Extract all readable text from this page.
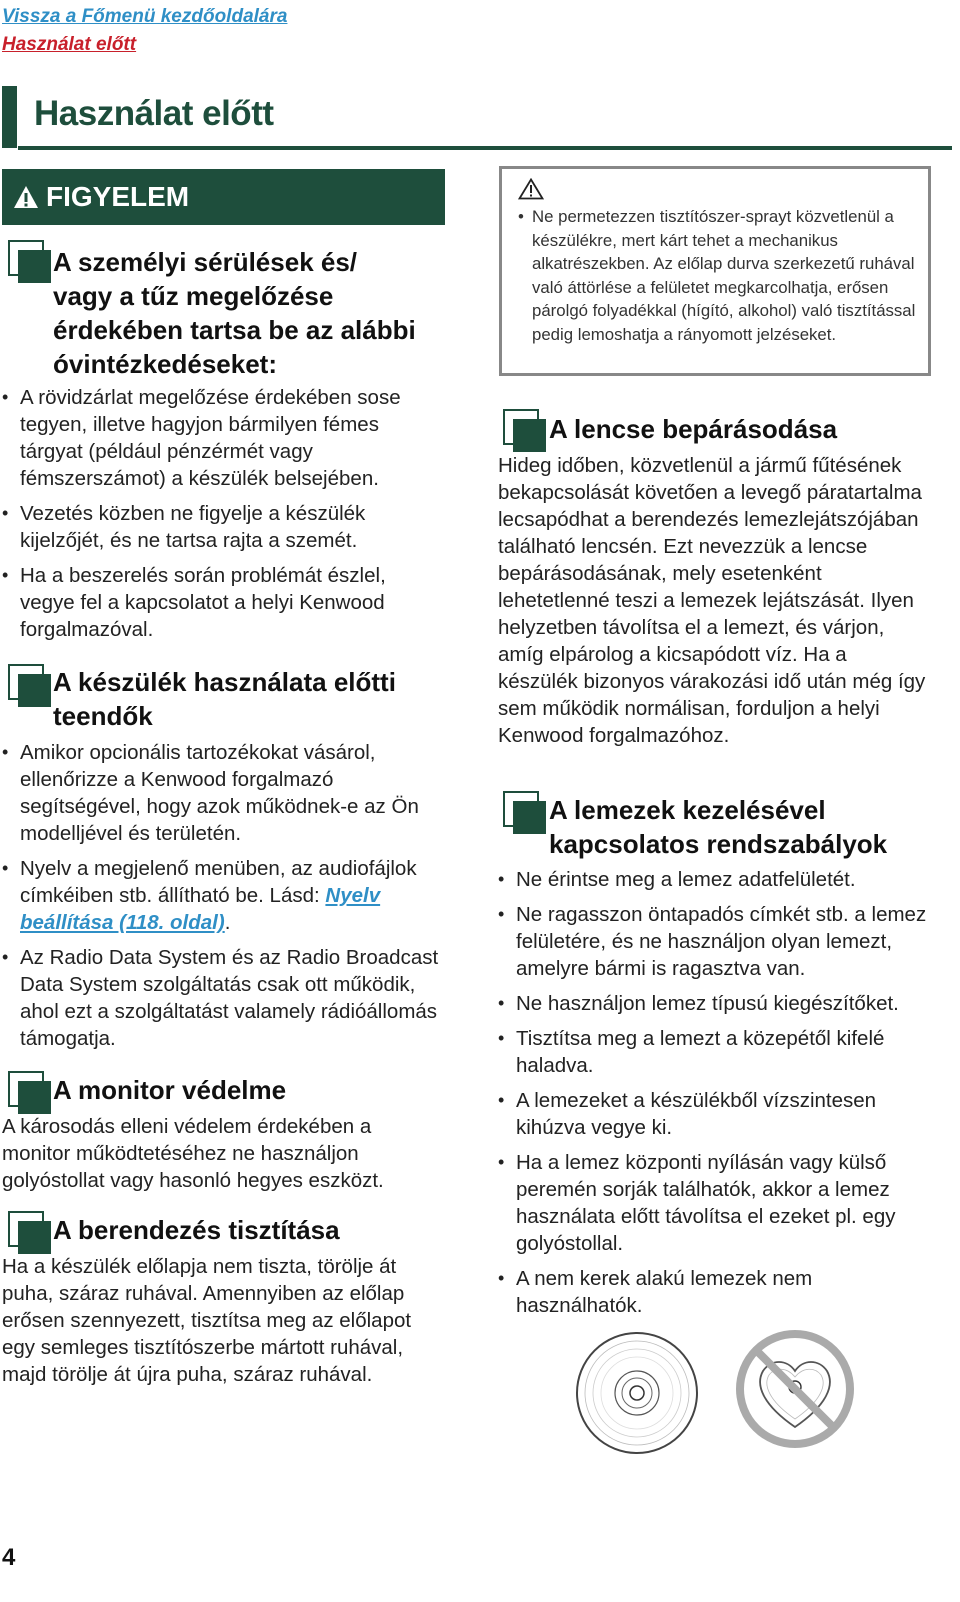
Vissza a Főmenü kezdőoldalára
Használat előtt
Használat előtt
FIGYELEM
A személyi sérülések és/
vagy a tűz megelőzése
érdekében tartsa be az alábbi
óvintézkedéseket:
• A rövidzárlat megelőzése érdekében sose tegyen, illetve hagyjon bármilyen fémes tárgyat (például pénzérmét vagy fémszerszámot) a készülék belsejében.
• Vezetés közben ne figyelje a készülék kijelzőjét, és ne tartsa rajta a szemét.
• Ha a beszerelés során problémát észlel, vegye fel a kapcsolatot a helyi Kenwood forgalmazóval.
A készülék használata előtti
teendők
• Amikor opcionális tartozékokat vásárol, ellenőrizze a Kenwood forgalmazó segítségével, hogy azok működnek-e az Ön modelljével és területén.
• Nyelv a megjelenő menüben, az audiofájlok címkéiben stb. állítható be. Lásd: Nyelv beállítása (118. oldal).
• Az Radio Data System és az Radio Broadcast Data System szolgáltatás csak ott működik, ahol ezt a szolgáltatást valamely rádióállomás támogatja.
A monitor védelme

A károsodás elleni védelem érdekében a monitor működtetéséhez ne használjon golyóstollat vagy hasonló hegyes eszközt.

A berendezés tisztítása

Ha a készülék előlapja nem tiszta, törölje át puha, száraz ruhával. Amennyiben az előlap erősen szennyezett, tisztítsa meg az előlapot egy semleges tisztítószerbe mártott ruhával, majd törölje át újra puha, száraz ruhával.

• Ne permetezzen tisztítószer-sprayt közvetlenül a készülékre, mert kárt tehet a mechanikus alkatrészekben. Az előlap durva szerkezetű ruhával való áttörlése a felületet megkarcolhatja, erősen párolgó folyadékkal (hígító, alkohol) való tisztítással pedig lemoshatja a rányomott jelzéseket.
A lencse bepárásodása

Hideg időben, közvetlenül a jármű fűtésének bekapcsolását követően a levegő páratartalma lecsapódhat a berendezés lemezlejátszójában található lencsén. Ezt nevezzük a lencse bepárásodásának, mely esetenként lehetetlenné teszi a lemezek lejátszását. Ilyen helyzetben távolítsa el a lemezt, és várjon, amíg elpárolog a kicsapódott víz. Ha a készülék bizonyos várakozási idő után még így sem működik normálisan, forduljon a helyi Kenwood forgalmazóhoz.

A lemezek kezelésével
kapcsolatos rendszabályok
• Ne érintse meg a lemez adatfelületét.
• Ne ragasszon öntapadós címkét stb. a lemez felületére, és ne használjon olyan lemezt, amelyre bármi is ragasztva van.
• Ne használjon lemez típusú kiegészítőket.
• Tisztítsa meg a lemezt a közepétől kifelé haladva.
• A lemezeket a készülékből vízszintesen kihúzva vegye ki.
• Ha a lemez központi nyílásán vagy külső peremén sorják találhatók, akkor a lemez használata előtt távolítsa el ezeket pl. egy golyóstollal.
• A nem kerek alakú lemezek nem használhatók.
4
